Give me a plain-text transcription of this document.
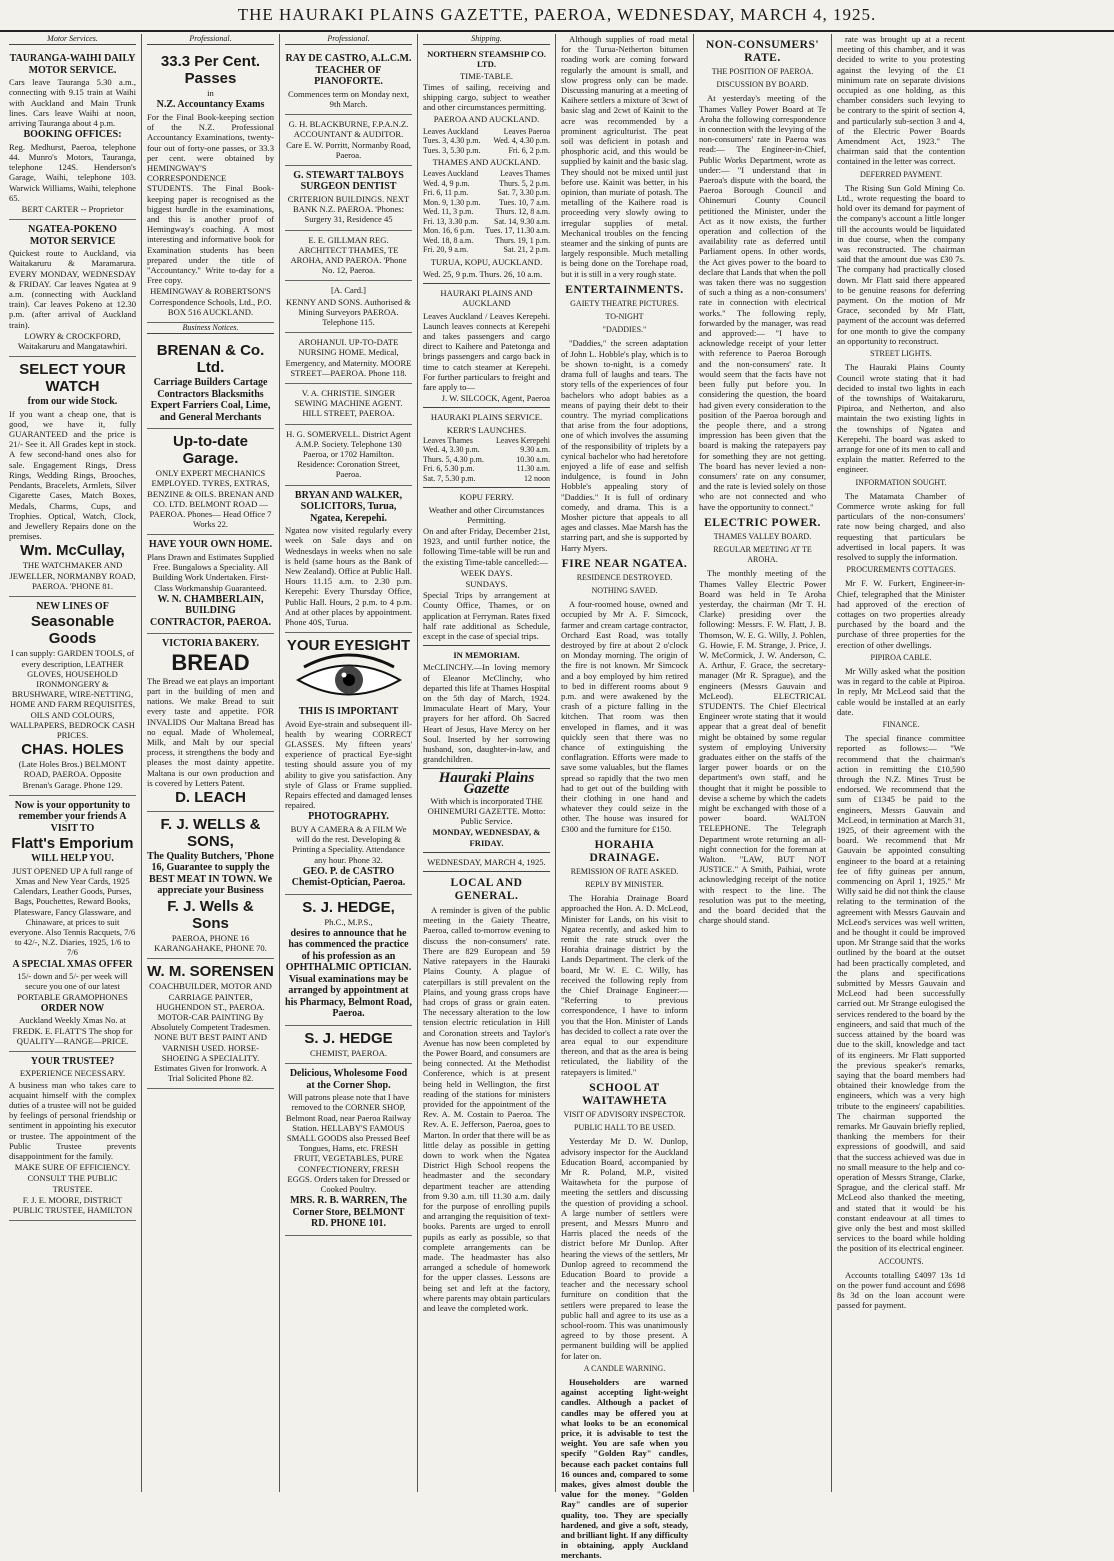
THE HAURAKI PLAINS GAZETTE, PAEROA, WEDNESDAY, MARCH 4, 1925.
Motor Services.

TAURANGA-WAIHI DAILY MOTOR SERVICE.

Cars leave Tauranga 5.30 a.m., connecting with 9.15 train at Waihi with Auckland and Main Trunk lines. Cars leave Waihi at noon, arriving Tauranga about 4 p.m.

BOOKING OFFICES:

Reg. Medhurst, Paeroa, telephone 44. Munro's Motors, Tauranga, telephone 124S. Henderson's Garage, Waihi, telephone 103. Warwick Williams, Waihi, telephone 65.

BERT CARTER -- Proprietor

NGATEA-POKENO MOTOR SERVICE

Quickest route to Auckland, via Waitakaruru & Maramarura. EVERY MONDAY, WEDNESDAY & FRIDAY. Car leaves Ngatea at 9 a.m. (connecting with Auckland train). Car leaves Pokeno at 12.30 p.m. (after arrival of Auckland train).

LOWRY & CROCKFORD, Waitakaruru and Mangatawhiri.

SELECT YOUR WATCH

from our wide Stock.

If you want a cheap one, that is good, we have it, fully GUARANTEED and the price is 21/- See it. All Grades kept in stock. A few second-hand ones also for sale. Engagement Rings, Dress Rings, Wedding Rings, Brooches, Pendants, Bracelets, Armlets, Silver Cigarette Cases, Match Boxes, Medals, Charms, Cups, and Trophies. Optical, Watch, Clock, and Jewellery Repairs done on the premises.

Wm. McCullay,

THE WATCHMAKER AND JEWELLER, NORMANBY ROAD, PAEROA. 'PHONE 81.

NEW LINES OF

Seasonable Goods

I can supply: GARDEN TOOLS, of every description, LEATHER GLOVES, HOUSEHOLD IRONMONGERY & BRUSHWARE, WIRE-NETTING, HOME AND FARM REQUISITES, OILS AND COLOURS, WALLPAPERS, BEDROCK CASH PRICES.

CHAS. HOLES

(Late Holes Bros.) BELMONT ROAD, PAEROA. Opposite Brenan's Garage. Phone 129.

Now is your opportunity to remember your friends A VISIT TO

Flatt's Emporium

WILL HELP YOU.

JUST OPENED UP A full range of Xmas and New Year Cards, 1925 Calendars, Leather Goods, Purses, Bags, Pouchettes, Reward Books, Platesware, Fancy Glassware, and Chinaware, at prices to suit everyone. Also Tennis Racquets, 7/6 to 42/-, N.Z. Diaries, 1925, 1/6 to 7/6

A SPECIAL XMAS OFFER

15/- down and 5/- per week will secure you one of our latest PORTABLE GRAMOPHONES

ORDER NOW

Auckland Weekly Xmas No. at FREDK. E. FLATT'S The shop for QUALITY—RANGE—PRICE.

YOUR TRUSTEE?

EXPERIENCE NECESSARY.

A business man who takes care to acquaint himself with the complex duties of a trustee will not be guided by feelings of personal friendship or sentiment in appointing his executor or trustee. The appointment of the Public Trustee prevents disappointment for the family.

MAKE SURE OF EFFICIENCY.

CONSULT THE PUBLIC TRUSTEE.

F. J. E. MOORE, DISTRICT PUBLIC TRUSTEE, HAMILTON

Professional.

33.3 Per Cent. Passes

in

N.Z. Accountancy Exams

For the Final Book-keeping section of the N.Z. Professional Accountancy Examinations, twenty-four out of forty-one passes, or 33.3 per cent. were obtained by HEMINGWAY'S CORRESPONDENCE STUDENTS. The Final Book-keeping paper is recognised as the biggest hurdle in the examinations, and this is another proof of Hemingway's coaching. A most interesting and informative book for Examination students has been prepared under the title of "Accountancy." Write to-day for a Free copy.

HEMINGWAY & ROBERTSON'S Correspondence Schools, Ltd., P.O. BOX 516 AUCKLAND.

Business Notices.

BRENAN & Co. Ltd.

Carriage Builders Cartage Contractors Blacksmiths Expert Farriers Coal, Lime, and General Merchants

Up-to-date Garage.

ONLY EXPERT MECHANICS EMPLOYED. TYRES, EXTRAS, BENZINE & OILS. BRENAN AND CO. LTD. BELMONT ROAD — PAEROA. Phones— Head Office 7 Works 22.

HAVE YOUR OWN HOME.

Plans Drawn and Estimates Supplied Free. Bungalows a Speciality. All Building Work Undertaken. First-Class Workmanship Guaranteed.

W. N. CHAMBERLAIN, BUILDING CONTRACTOR, PAEROA.

VICTORIA BAKERY.

BREAD

The Bread we eat plays an important part in the building of men and nations. We make Bread to suit every taste and appetite. FOR INVALIDS Our Maltana Bread has no equal. Made of Wholemeal, Milk, and Malt by our special process, it strengthens the body and pleases the most dainty appetite. Maltana is our own production and is covered by Letters Patent.

D. LEACH

F. J. WELLS & SONS,

The Quality Butchers, 'Phone 16, Guarantee to supply the BEST MEAT IN TOWN. We appreciate your Business

F. J. Wells & Sons

PAEROA, PHONE 16 KARANGAHAKE, PHONE 70.

W. M. SORENSEN

COACHBUILDER, MOTOR AND CARRIAGE PAINTER, HUGHENDON ST., PAEROA. MOTOR-CAR PAINTING By Absolutely Competent Tradesmen. NONE BUT BEST PAINT AND VARNISH USED. HORSE-SHOEING A SPECIALITY. Estimates Given for Ironwork. A Trial Solicited Phone 82.

Professional.

RAY DE CASTRO, A.L.C.M. TEACHER OF PIANOFORTE.

Commences term on Monday next, 9th March.

G. H. BLACKBURNE, F.P.A.N.Z. ACCOUNTANT & AUDITOR. Care E. W. Porritt, Normanby Road, Paeroa.

G. STEWART TALBOYS SURGEON DENTIST

CRITERION BUILDINGS. NEXT BANK N.Z. PAEROA. 'Phones: Surgery 31, Residence 45

E. E. GILLMAN REG. ARCHITECT THAMES, TE AROHA, AND PAEROA. 'Phone No. 12, Paeroa.

[A. Card.]

KENNY AND SONS. Authorised & Mining Surveyors PAEROA. Telephone 115.

AROHANUI. UP-TO-DATE NURSING HOME. Medical, Emergency, and Maternity. MOORE STREET—PAEROA. Phone 118.

V. A. CHRISTIE. SINGER SEWING MACHINE AGENT. HILL STREET, PAEROA.

H. G. SOMERVELL. District Agent A.M.P. Society. Telephone 130 Paeroa, or 1702 Hamilton. Residence: Coronation Street, Paeroa.

BRYAN AND WALKER, SOLICITORS, Turua, Ngatea, Kerepehi.

Ngatea now visited regularly every week on Sale days and on Wednesdays in weeks when no sale is held (same hours as the Bank of New Zealand). Office at Public Hall. Hours 11.15 a.m. to 2.30 p.m. Kerepehi: Every Thursday Office, Public Hall. Hours, 2 p.m. to 4 p.m. And at other places by appointment. Phone 40S, Turua.

YOUR EYESIGHT

THIS IS IMPORTANT

Avoid Eye-strain and subsequent ill-health by wearing CORRECT GLASSES. My fifteen years' experience of practical Eye-sight testing should assure you of my ability to give you satisfaction. Any style of Glass or Frame supplied. Repairs effected and damaged lenses repaired.

PHOTOGRAPHY.

BUY A CAMERA & A FILM We will do the rest. Developing & Printing a Speciality. Attendance any hour. Phone 32.

GEO. P. de CASTRO Chemist-Optician, Paeroa.

S. J. HEDGE,

Ph.C., M.P.S.,

desires to announce that he has commenced the practice of his profession as an OPHTHALMIC OPTICIAN. Visual examinations may be arranged by appointment at his Pharmacy, Belmont Road, Paeroa.

S. J. HEDGE

CHEMIST, PAEROA.

Delicious, Wholesome Food at the Corner Shop.

Will patrons please note that I have removed to the CORNER SHOP, Belmont Road, near Paeroa Railway Station. HELLABY'S FAMOUS SMALL GOODS also Pressed Beef Tongues, Hams, etc. FRESH FRUIT, VEGETABLES, PURE CONFECTIONERY, FRESH EGGS. Orders taken for Dressed or Cooked Poultry.

MRS. R. B. WARREN, The Corner Store, BELMONT RD. PHONE 101.

Shipping.

NORTHERN STEAMSHIP CO. LTD.

TIME-TABLE.

Times of sailing, receiving and shipping cargo, subject to weather and other circumstances permitting.

PAEROA AND AUCKLAND.

Leaves Auckland	Leaves Paeroa
Tues. 3, 4.30 p.m.	Wed. 4, 4.30 p.m.
Tues. 3, 5.30 p.m.	Fri. 6, 2 p.m.

THAMES AND AUCKLAND.

Leaves Auckland	Leaves Thames
Wed. 4, 9 p.m.	Thurs. 5, 2 p.m.
Fri. 6, 11 p.m.	Sat. 7, 3.30 p.m.
Mon. 9, 1.30 p.m.	Tues. 10, 7 a.m.
Wed. 11, 3 p.m.	Thurs. 12, 8 a.m.
Fri. 13, 3.30 p.m.	Sat. 14, 9.30 a.m.
Mon. 16, 6 p.m.	Tues. 17, 11.30 a.m.
Wed. 18, 8 a.m.	Thurs. 19, 1 p.m.
Fri. 20, 9 a.m.	Sat. 21, 2 p.m.

TURUA, KOPU, AUCKLAND.

Wed. 25, 9 p.m. Thurs. 26, 10 a.m.

HAURAKI PLAINS AND AUCKLAND

Leaves Auckland / Leaves Kerepehi. Launch leaves connects at Kerepehi and takes passengers and cargo direct to Kaihere and Patetonga and brings passengers and cargo back in time to catch steamer at Kerepehi. For further particulars to freight and fare apply to—

J. W. SILCOCK, Agent, Paeroa

HAURAKI PLAINS SERVICE.

KERR'S LAUNCHES.

Leaves Thames	Leaves Kerepehi
Wed. 4, 3.30 p.m.	9.30 a.m.
Thurs. 5, 4.30 p.m.	10.30 a.m.
Fri. 6, 5.30 p.m.	11.30 a.m.
Sat. 7, 5.30 p.m.	12 noon

KOPU FERRY.

Weather and other Circumstances Permitting.

On and after Friday, December 21st, 1923, and until further notice, the following Time-table will be run and the existing Time-table cancelled:—

WEEK DAYS.

SUNDAYS.

Special Trips by arrangement at County Office, Thames, or on application at Ferryman. Rates fixed half rate additional as Schedule, except in the case of special trips.

IN MEMORIAM.

McCLINCHY.—In loving memory of Eleanor McClinchy, who departed this life at Thames Hospital on the 5th day of March, 1924. Immaculate Heart of Mary, Your prayers for her afford. Oh Sacred Heart of Jesus, Have Mercy on her Soul. Inserted by her sorrowing husband, son, daughter-in-law, and grandchildren.

Hauraki Plains Gazette

With which is incorporated THE OHINEMURI GAZETTE. Motto: Public Service.

MONDAY, WEDNESDAY, & FRIDAY.

WEDNESDAY, MARCH 4, 1925.

LOCAL AND GENERAL.

A reminder is given of the public meeting in the Gaiety Theatre, Paeroa, called to-morrow evening to discuss the non-consumers' rate. There are 829 European and 59 Native ratepayers in the Hauraki Plains County. A plague of caterpillars is still prevalent on the Plains, and young grass crops have had crops of grass or grain eaten. The necessary alteration to the low tension electric reticulation in Hill and Coronation streets and Taylor's Avenue has now been completed by the Power Board, and consumers are being connected. At the Methodist Conference, which is at present being held in Wellington, the first reading of the stations for ministers provided for the appointment of the Rev. A. M. Costain to Paeroa. The Rev. A. E. Jefferson, Paeroa, goes to Marton. In order that there will be as little delay as possible in getting down to work when the Ngatea District High School reopens the headmaster and the secondary department teacher are attending from 9.30 a.m. till 11.30 a.m. daily for the purpose of enrolling pupils and arranging the requisition of text-books. Parents are urged to enroll pupils as early as possible, so that complete arrangements can be made. The headmaster has also arranged a schedule of homework for the upper classes. Lessons are being set and left at the factory, where parents may obtain particulars and leave the completed work.

Although supplies of road metal for the Turua-Netherton bitumen roading work are coming forward regularly the amount is small, and slow progress only can be made. Discussing manuring at a meeting of Kaihere settlers a mixture of 3cwt of basic slag and 2cwt of Kainit to the acre was recommended by a prominent agriculturist. The peat soil was deficient in potash and phosphoric acid, and this would be supplied by kainit and the basic slag. They should not be mixed until just before use. Kainit was better, in his opinion, than muriate of potash. The metalling of the Kaihere road is proceeding very slowly owing to irregular supplies of metal. Mechanical troubles on the fencing steamer and the sinking of punts are largely responsible. Much metalling is being done on the Torehape road, but it is still in a very rough state.

ENTERTAINMENTS.
GAIETY THEATRE PICTURES.
TO-NIGHT
"DADDIES."

"Daddies," the screen adaptation of John L. Hobble's play, which is to be shown to-night, is a comedy drama full of laughs and tears. The story tells of the experiences of four bachelors who adopt babies as a means of paying their debt to their country. The myriad complications that arise from the four adoptions, one of which involves the assuming of the responsibility of triplets by a cynical bachelor who had heretofore enjoyed a life of ease and selfish indulgence, is found in John Hobble's appealing story of "Daddies." It is full of ordinary comedy, and drama. This is a Mosher picture that appeals to all ages and classes. Mae Marsh has the starring part, and she is supported by Harry Myers.

FIRE NEAR NGATEA.
RESIDENCE DESTROYED.
NOTHING SAVED.

A four-roomed house, owned and occupied by Mr A. F. Simcock, farmer and cream cartage contractor, Orchard East Road, was totally destroyed by fire at about 2 o'clock on Monday morning. The origin of the fire is not known. Mr Simcock and a boy employed by him retired to bed in different rooms about 9 p.m. and were awakened by the crash of a picture falling in the kitchen. That room was then enveloped in flames, and it was quickly seen that there was no chance of extinguishing the conflagration. Efforts were made to save some valuables, but the flames spread so rapidly that the two men had to get out of the building with their clothing in one hand and whatever they could seize in the other. The house was insured for £300 and the furniture for £150.

HORAHIA DRAINAGE.
REMISSION OF RATE ASKED.
REPLY BY MINISTER.

The Horahia Drainage Board approached the Hon. A. D. McLeod, Minister for Lands, on his visit to Ngatea recently, and asked him to remit the rate struck over the Horahia drainage district by the Lands Department. The clerk of the board, Mr W. E. C. Willy, has received the following reply from the Chief Drainage Engineer:— "Referring to previous correspondence, I have to inform you that the Hon. Minister of Lands has decided to collect a rate over the area equal to our expenditure thereon, and that as the area is being reticulated, the liability of the ratepayers is limited."

SCHOOL AT WAITAWHETA
VISIT OF ADVISORY INSPECTOR.
PUBLIC HALL TO BE USED.

Yesterday Mr D. W. Dunlop, advisory inspector for the Auckland Education Board, accompanied by Mr R. Poland, M.P., visited Waitawheta for the purpose of meeting the settlers and discussing the question of providing a school. A large number of settlers were present, and Messrs Munro and Harris placed the needs of the district before Mr Dunlop. After hearing the views of the settlers, Mr Dunlop agreed to recommend the Education Board to provide a teacher and the necessary school furniture on condition that the settlers were prepared to lease the public hall and agree to its use as a school-room. This was unanimously agreed to by those present. A permanent building will be applied for later on.

A CANDLE WARNING.

Householders are warned against accepting light-weight candles. Although a packet of candles may be offered you at what looks to be an economical price, it is advisable to test the weight. You are safe when you specify "Golden Ray" candles, because each packet contains full 16 ounces and, compared to some makes, gives almost double the value for the money. "Golden Ray" candles are of superior quality, too. They are specially hardened, and give a soft, steady, and brilliant light. If any difficulty in obtaining, apply Auckland merchants.

NON-CONSUMERS' RATE.
THE POSITION OF PAEROA.
DISCUSSION BY BOARD.

At yesterday's meeting of the Thames Valley Power Board at Te Aroha the following correspondence in connection with the levying of the non-consumers' rate in Paeroa was read:— The Engineer-in-Chief, Public Works Department, wrote as under:— "I understand that in Paeroa's dispute with the board, the Paeroa Borough Council and Ohinemuri County Council petitioned the Minister, under the Act as it now exists, the further operation and collection of the availability rate as deferred until Parliament opens. In other words, the Act gives power to the board to declare that Lands that when the poll was taken there was no suggestion of such a thing as a non-consumers' rate in connection with electrical works." The following reply, forwarded by the manager, was read and approved:— "I have to acknowledge receipt of your letter with reference to Paeroa Borough and the non-consumers' rate. It would seem that the facts have not been fully put before you. In considering the question, the board had given every consideration to the position of the Paeroa borough and the people there, and a strong impression has been given that the board is making the ratepayers pay for something they are not getting. The board has never levied a non-consumers' rate on any consumer, and the rate is levied solely on those who are not connected and who have the opportunity to connect."

ELECTRIC POWER.
THAMES VALLEY BOARD.
REGULAR MEETING AT TE AROHA.

The monthly meeting of the Thames Valley Electric Power Board was held in Te Aroha yesterday, the chairman (Mr T. H. Clarke) presiding over the following: Messrs. F. W. Flatt, J. B. Thomson, W. E. G. Willy, J. Pohlen, G. Howie, F. M. Strange, J. Price, J. W. McCormick, J. W. Anderson, C. A. Arthur, F. Grace, the secretary-manager (Mr R. Sprague), and the engineers (Messrs Gauvain and McLeod). ELECTRICAL STUDENTS. The Chief Electrical Engineer wrote stating that it would appear that a great deal of benefit might be obtained by some regular system of employing University graduates either on the staffs of the larger power boards or on the department's own staff, and he thought that it might be possible to devise a scheme by which the cadets might be exchanged with those of a power board. WALTON TELEPHONE. The Telegraph Department wrote returning an all-night connection for the foreman at Walton. "LAW, BUT NOT JUSTICE." A Smith, Paihiai, wrote acknowledging receipt of the notice with respect to the line. The resolution was put to the meeting, and the board decided that the charge should stand.

rate was brought up at a recent meeting of this chamber, and it was decided to write to you protesting against the levying of the £1 minimum rate on separate divisions occupied as one holding, as this chamber considers such levying to be contrary to the spirit of section 4, and particularly sub-section 3 and 4, of the Electric Power Boards Amendment Act, 1923." The chairman said that the contention contained in the letter was correct.

DEFERRED PAYMENT.

The Rising Sun Gold Mining Co. Ltd., wrote requesting the board to hold over its demand for payment of the company's account a little longer till the accounts would be liquidated in due course, when the company was reconstructed. The chairman said that the amount due was £30 7s. The company had practically closed down. Mr Flatt said there appeared to be genuine reasons for deferring payment. On the motion of Mr Grace, seconded by Mr Flatt, payment of the account was deferred for one month to give the company an opportunity to reconstruct.

STREET LIGHTS.

The Hauraki Plains County Council wrote stating that it had decided to instal two lights in each of the townships of Waitakaruru, Pipiroa, and Netherton, and also maintain the two existing lights in the townships of Ngatea and Kerepehi. The board was asked to arrange for one of its men to call and explain the matter. Referred to the engineer.

INFORMATION SOUGHT.

The Matamata Chamber of Commerce wrote asking for full particulars of the non-consumers' rate now being charged, and also requesting that particulars be advertised in local papers. It was resolved to supply the information.

PROCUREMENTS COTTAGES.

Mr F. W. Furkert, Engineer-in-Chief, telegraphed that the Minister had approved of the erection of cottages on two properties already purchased by the board and the purchase of three properties for the erection of other dwellings.

PIPIROA CABLE.

Mr Willy asked what the position was in regard to the cable at Pipiroa. In reply, Mr McLeod said that the cable would be installed at an early date.

FINANCE.

The special finance committee reported as follows:— "We recommend that the chairman's action in remitting the £10,590 through the N.Z. Mines Trust be endorsed. We recommend that the sum of £1345 be paid to the engineers, Messrs Gauvain and McLeod, in termination at March 31, 1925, of their agreement with the board. We recommend that Mr Gauvain be appointed consulting engineer to the board at a retaining fee of fifty guineas per annum, commencing on April 1, 1925." Mr Willy said he did not think the clause relating to the termination of the agreement with Messrs Gauvain and McLeod's services was well written, and he thought it could be improved upon. Mr Strange said that the works outlined by the board at the outset had been practically completed, and the plans and specifications submitted by Messrs Gauvain and McLeod had been successfully carried out. Mr Strange eulogised the services rendered to the board by the engineers, and said that much of the success attained by the board was due to the skill, knowledge and tact of its engineers. Mr Flatt supported the previous speaker's remarks, saying that the board members had obtained their knowledge from the engineers, which was a very high tribute to the engineers' capabilities. The chairman supported the remarks. Mr Gauvain briefly replied, thanking the members for their expressions of goodwill, and said that the success achieved was due in no small measure to the help and co-operation of Messrs Strange, Clarke, Sprague, and the clerical staff. Mr McLeod also thanked the meeting, and stated that it would be his constant endeavour at all times to give only the best and most skilled services to the board while holding the position of its electrical engineer.

ACCOUNTS.

Accounts totalling £4097 13s 1d on the power fund account and £698 8s 3d on the loan account were passed for payment.
